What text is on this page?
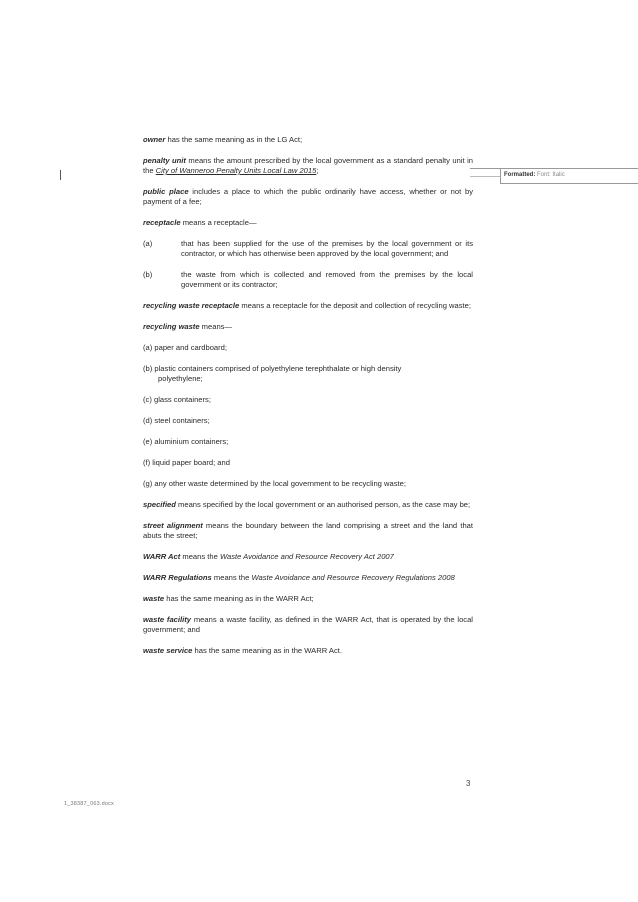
Formatted: Font: Italic

owner has the same meaning as in the LG Act;

penalty unit means the amount prescribed by the local government as a standard penalty unit in the City of Wanneroo Penalty Units Local Law 2015;

public place includes a place to which the public ordinarily have access, whether or not by payment of a fee;

receptacle means a receptacle—

(a)	that has been supplied for the use of the premises by the local government or its contractor, or which has otherwise been approved by the local government; and
(b)	the waste from which is collected and removed from the premises by the local government or its contractor;

recycling waste receptacle means a receptacle for the deposit and collection of recycling waste;

recycling waste means—

(a) paper and cardboard;
(b) plastic containers comprised of polyethylene terephthalate or high density
polyethylene;
(c) glass containers;
(d) steel containers;
(e) aluminium containers;
(f) liquid paper board; and
(g) any other waste determined by the local government to be recycling waste;

specified means specified by the local government or an authorised person, as the case may be;

street alignment means the boundary between the land comprising a street and the land that abuts the street;

WARR Act means the Waste Avoidance and Resource Recovery Act 2007

WARR Regulations means the Waste Avoidance and Resource Recovery Regulations 2008

waste has the same meaning as in the WARR Act;

waste facility means a waste facility, as defined in the WARR Act, that is operated by the local government; and

waste service has the same meaning as in the WARR Act.

3
1_38387_063.docx
